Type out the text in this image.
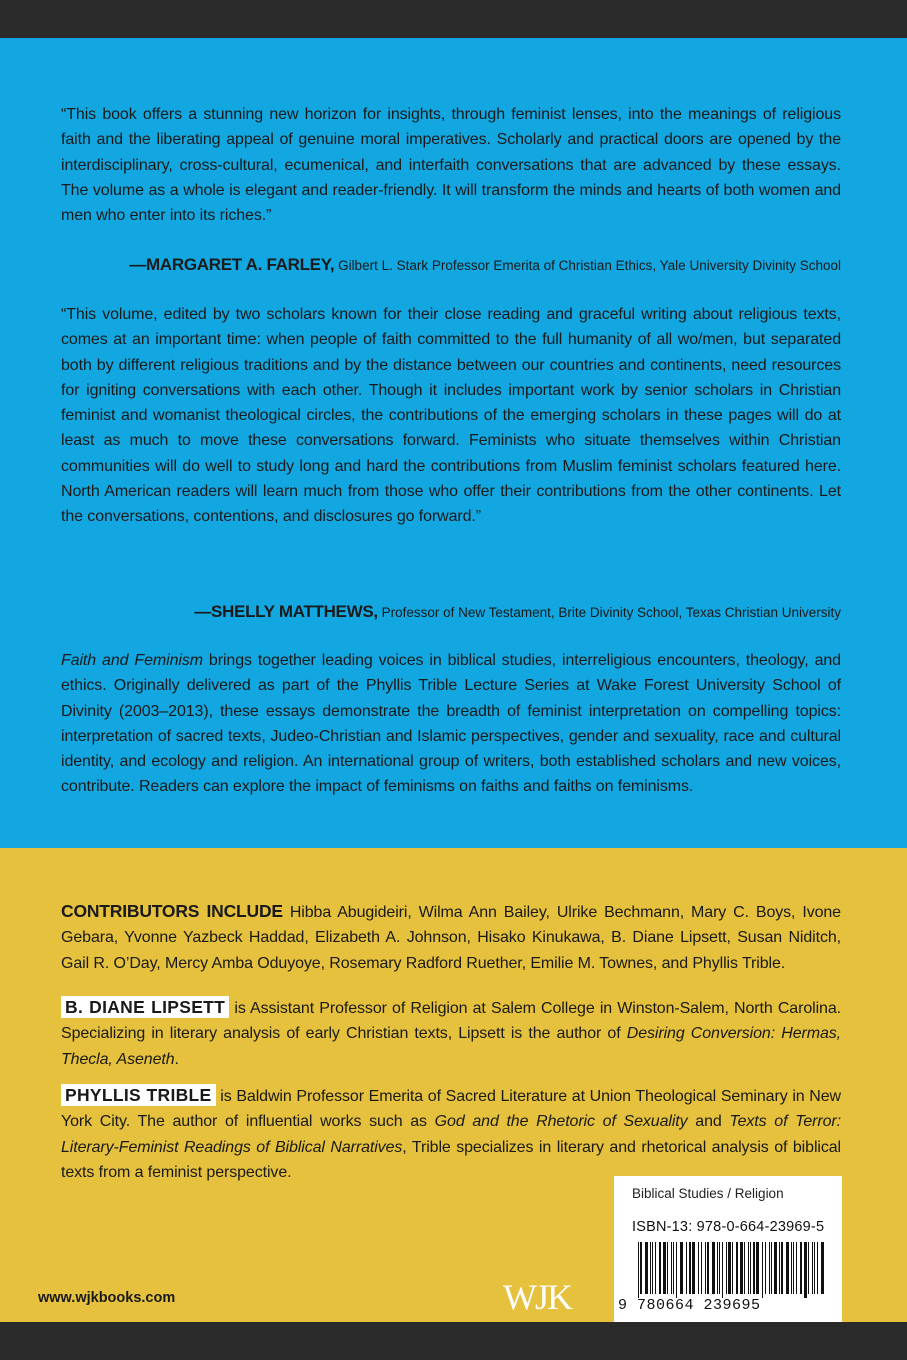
“This book offers a stunning new horizon for insights, through feminist lenses, into the meanings of religious faith and the liberating appeal of genuine moral imperatives. Scholarly and practical doors are opened by the interdisciplinary, cross-cultural, ecumenical, and interfaith conversations that are advanced by these essays. The volume as a whole is elegant and reader-friendly. It will transform the minds and hearts of both women and men who enter into its riches.”

—MARGARET A. FARLEY, Gilbert L. Stark Professor Emerita of Christian Ethics, Yale University Divinity School

“This volume, edited by two scholars known for their close reading and graceful writing about religious texts, comes at an important time: when people of faith committed to the full humanity of all wo/men, but separated both by different religious traditions and by the distance between our countries and continents, need resources for igniting conversations with each other. Though it includes important work by senior scholars in Christian feminist and womanist theological circles, the contributions of the emerging scholars in these pages will do at least as much to move these conversations forward. Feminists who situate themselves within Christian communities will do well to study long and hard the contributions from Muslim feminist scholars featured here. North American readers will learn much from those who offer their contributions from the other continents. Let the conversations, contentions, and disclosures go forward.”

—SHELLY MATTHEWS, Professor of New Testament, Brite Divinity School, Texas Christian University

Faith and Feminism brings together leading voices in biblical studies, interreligious encounters, theology, and ethics. Originally delivered as part of the Phyllis Trible Lecture Series at Wake Forest University School of Divinity (2003–2013), these essays demonstrate the breadth of feminist interpretation on compelling topics: interpretation of sacred texts, Judeo-Christian and Islamic perspectives, gender and sexuality, race and cultural identity, and ecology and religion. An international group of writers, both established scholars and new voices, contribute. Readers can explore the impact of feminisms on faiths and faiths on feminisms.

CONTRIBUTORS INCLUDE Hibba Abugideiri, Wilma Ann Bailey, Ulrike Bechmann, Mary C. Boys, Ivone Gebara, Yvonne Yazbeck Haddad, Elizabeth A. Johnson, Hisako Kinukawa, B. Diane Lipsett, Susan Niditch, Gail R. O’Day, Mercy Amba Oduyoye, Rosemary Radford Ruether, Emilie M. Townes, and Phyllis Trible.

B. DIANE LIPSETT is Assistant Professor of Religion at Salem College in Winston-Salem, North Carolina. Specializing in literary analysis of early Christian texts, Lipsett is the author of Desiring Conversion: Hermas, Thecla, Aseneth.

PHYLLIS TRIBLE is Baldwin Professor Emerita of Sacred Literature at Union Theological Seminary in New York City. The author of influential works such as God and the Rhetoric of Sexuality and Texts of Terror: Literary-Feminist Readings of Biblical Narratives, Trible specializes in literary and rhetorical analysis of biblical texts from a feminist perspective.

Biblical Studies / Religion
ISBN-13: 978-0-664-23969-5
9 780664 239695
www.wjkbooks.com	WJK
